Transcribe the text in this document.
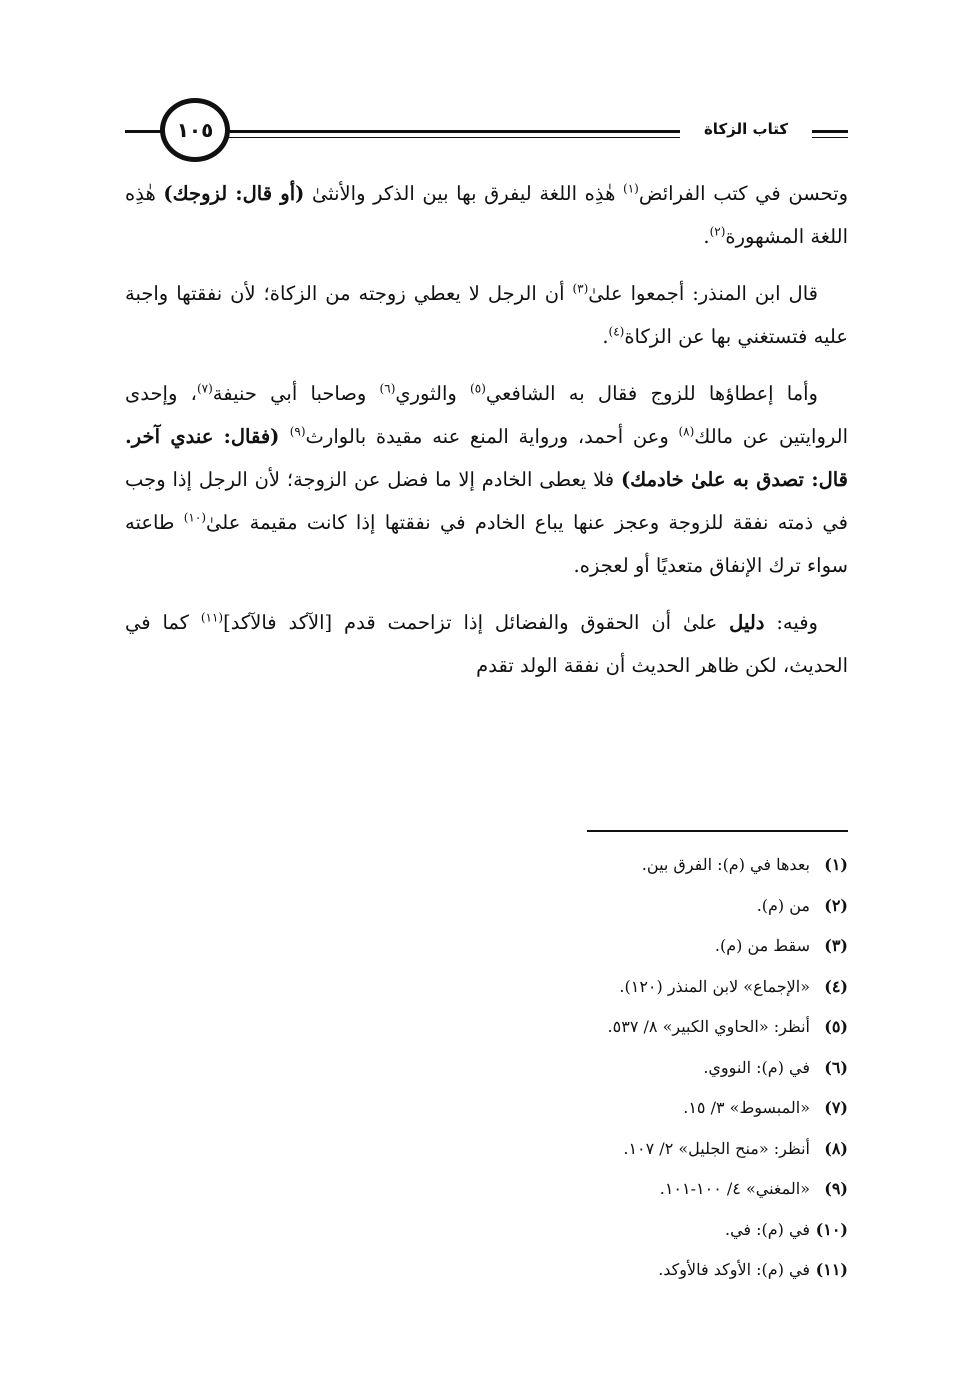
١٠٥	كتاب الزكاة

وتحسن في كتب الفرائض$^{(١)}$ هٰذِه اللغة ليفرق بها بين الذكر والأنثىٰ (أو قال: لزوجك) هٰذِه اللغة المشهورة$^{(٢)}$.

قال ابن المنذر: أجمعوا علىٰ$^{(٣)}$ أن الرجل لا يعطي زوجته من الزكاة؛ لأن نفقتها واجبة عليه فتستغني بها عن الزكاة$^{(٤)}$.

وأما إعطاؤها للزوج فقال به الشافعي$^{(٥)}$ والثوري$^{(٦)}$ وصاحبا أبي حنيفة$^{(٧)}$، وإحدى الروايتين عن مالك$^{(٨)}$ وعن أحمد، ورواية المنع عنه مقيدة بالوارث$^{(٩)}$ (فقال: عندي آخر. قال: تصدق به علىٰ خادمك) فلا يعطى الخادم إلا ما فضل عن الزوجة؛ لأن الرجل إذا وجب في ذمته نفقة للزوجة وعجز عنها يباع الخادم في نفقتها إذا كانت مقيمة علىٰ$^{(١٠)}$ طاعته سواء ترك الإنفاق متعديًا أو لعجزه.

وفيه: دليل علىٰ أن الحقوق والفضائل إذا تزاحمت قدم [الآكد فالآكد]$^{(١١)}$ كما في الحديث، لكن ظاهر الحديث أن نفقة الولد تقدم

(١)بعدها في (م): الفرق بين.
(٢)من (م).
(٣)سقط من (م).
(٤)«الإجماع» لابن المنذر (١٢٠).
(٥)أنظر: «الحاوي الكبير» ٨/ ٥٣٧.
(٦)في (م): النووي.
(٧)«المبسوط» ٣/ ١٥.
(٨)أنظر: «منح الجليل» ٢/ ١٠٧.
(٩)«المغني» ٤/ ١٠٠-١٠١.
(١٠)في (م): في.
(١١)في (م): الأوكد فالأوكد.
